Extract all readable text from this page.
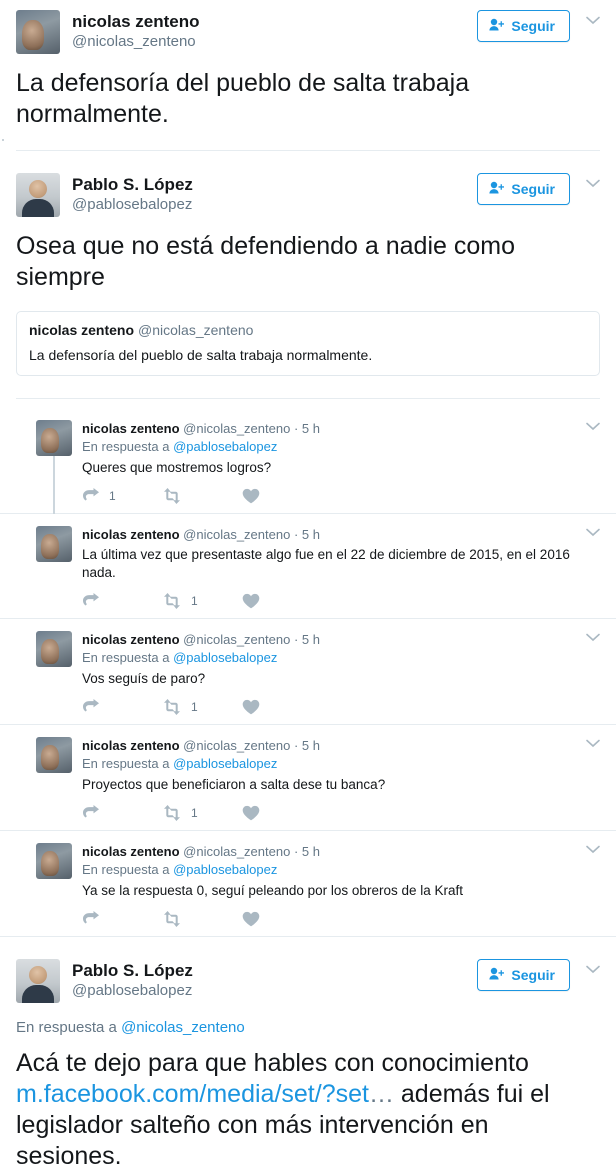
nicolas zenteno
@nicolas_zenteno
Seguir
La defensoría del pueblo de salta trabaja normalmente.
Pablo S. López
@pablosebalopez
Seguir
Osea que no está defendiendo a nadie como siempre
nicolas zenteno @nicolas_zenteno
La defensoría del pueblo de salta trabaja normalmente.
nicolas zenteno @nicolas_zenteno · 5 h
En respuesta a @pablosebalopez
Queres que mostremos logros?
1
nicolas zenteno @nicolas_zenteno · 5 h
La última vez que presentaste algo fue en el 22 de diciembre de 2015, en el 2016 nada.
1
nicolas zenteno @nicolas_zenteno · 5 h
En respuesta a @pablosebalopez
Vos seguís de paro?
1
nicolas zenteno @nicolas_zenteno · 5 h
En respuesta a @pablosebalopez
Proyectos que beneficiaron a salta dese tu banca?
1
nicolas zenteno @nicolas_zenteno · 5 h
En respuesta a @pablosebalopez
Ya se la respuesta 0, seguí peleando por los obreros de la Kraft
Pablo S. López
@pablosebalopez
Seguir
En respuesta a @nicolas_zenteno
Acá te dejo para que hables con conocimiento m.facebook.com/media/set/?set… además fui el legislador salteño con más intervención en sesiones.
